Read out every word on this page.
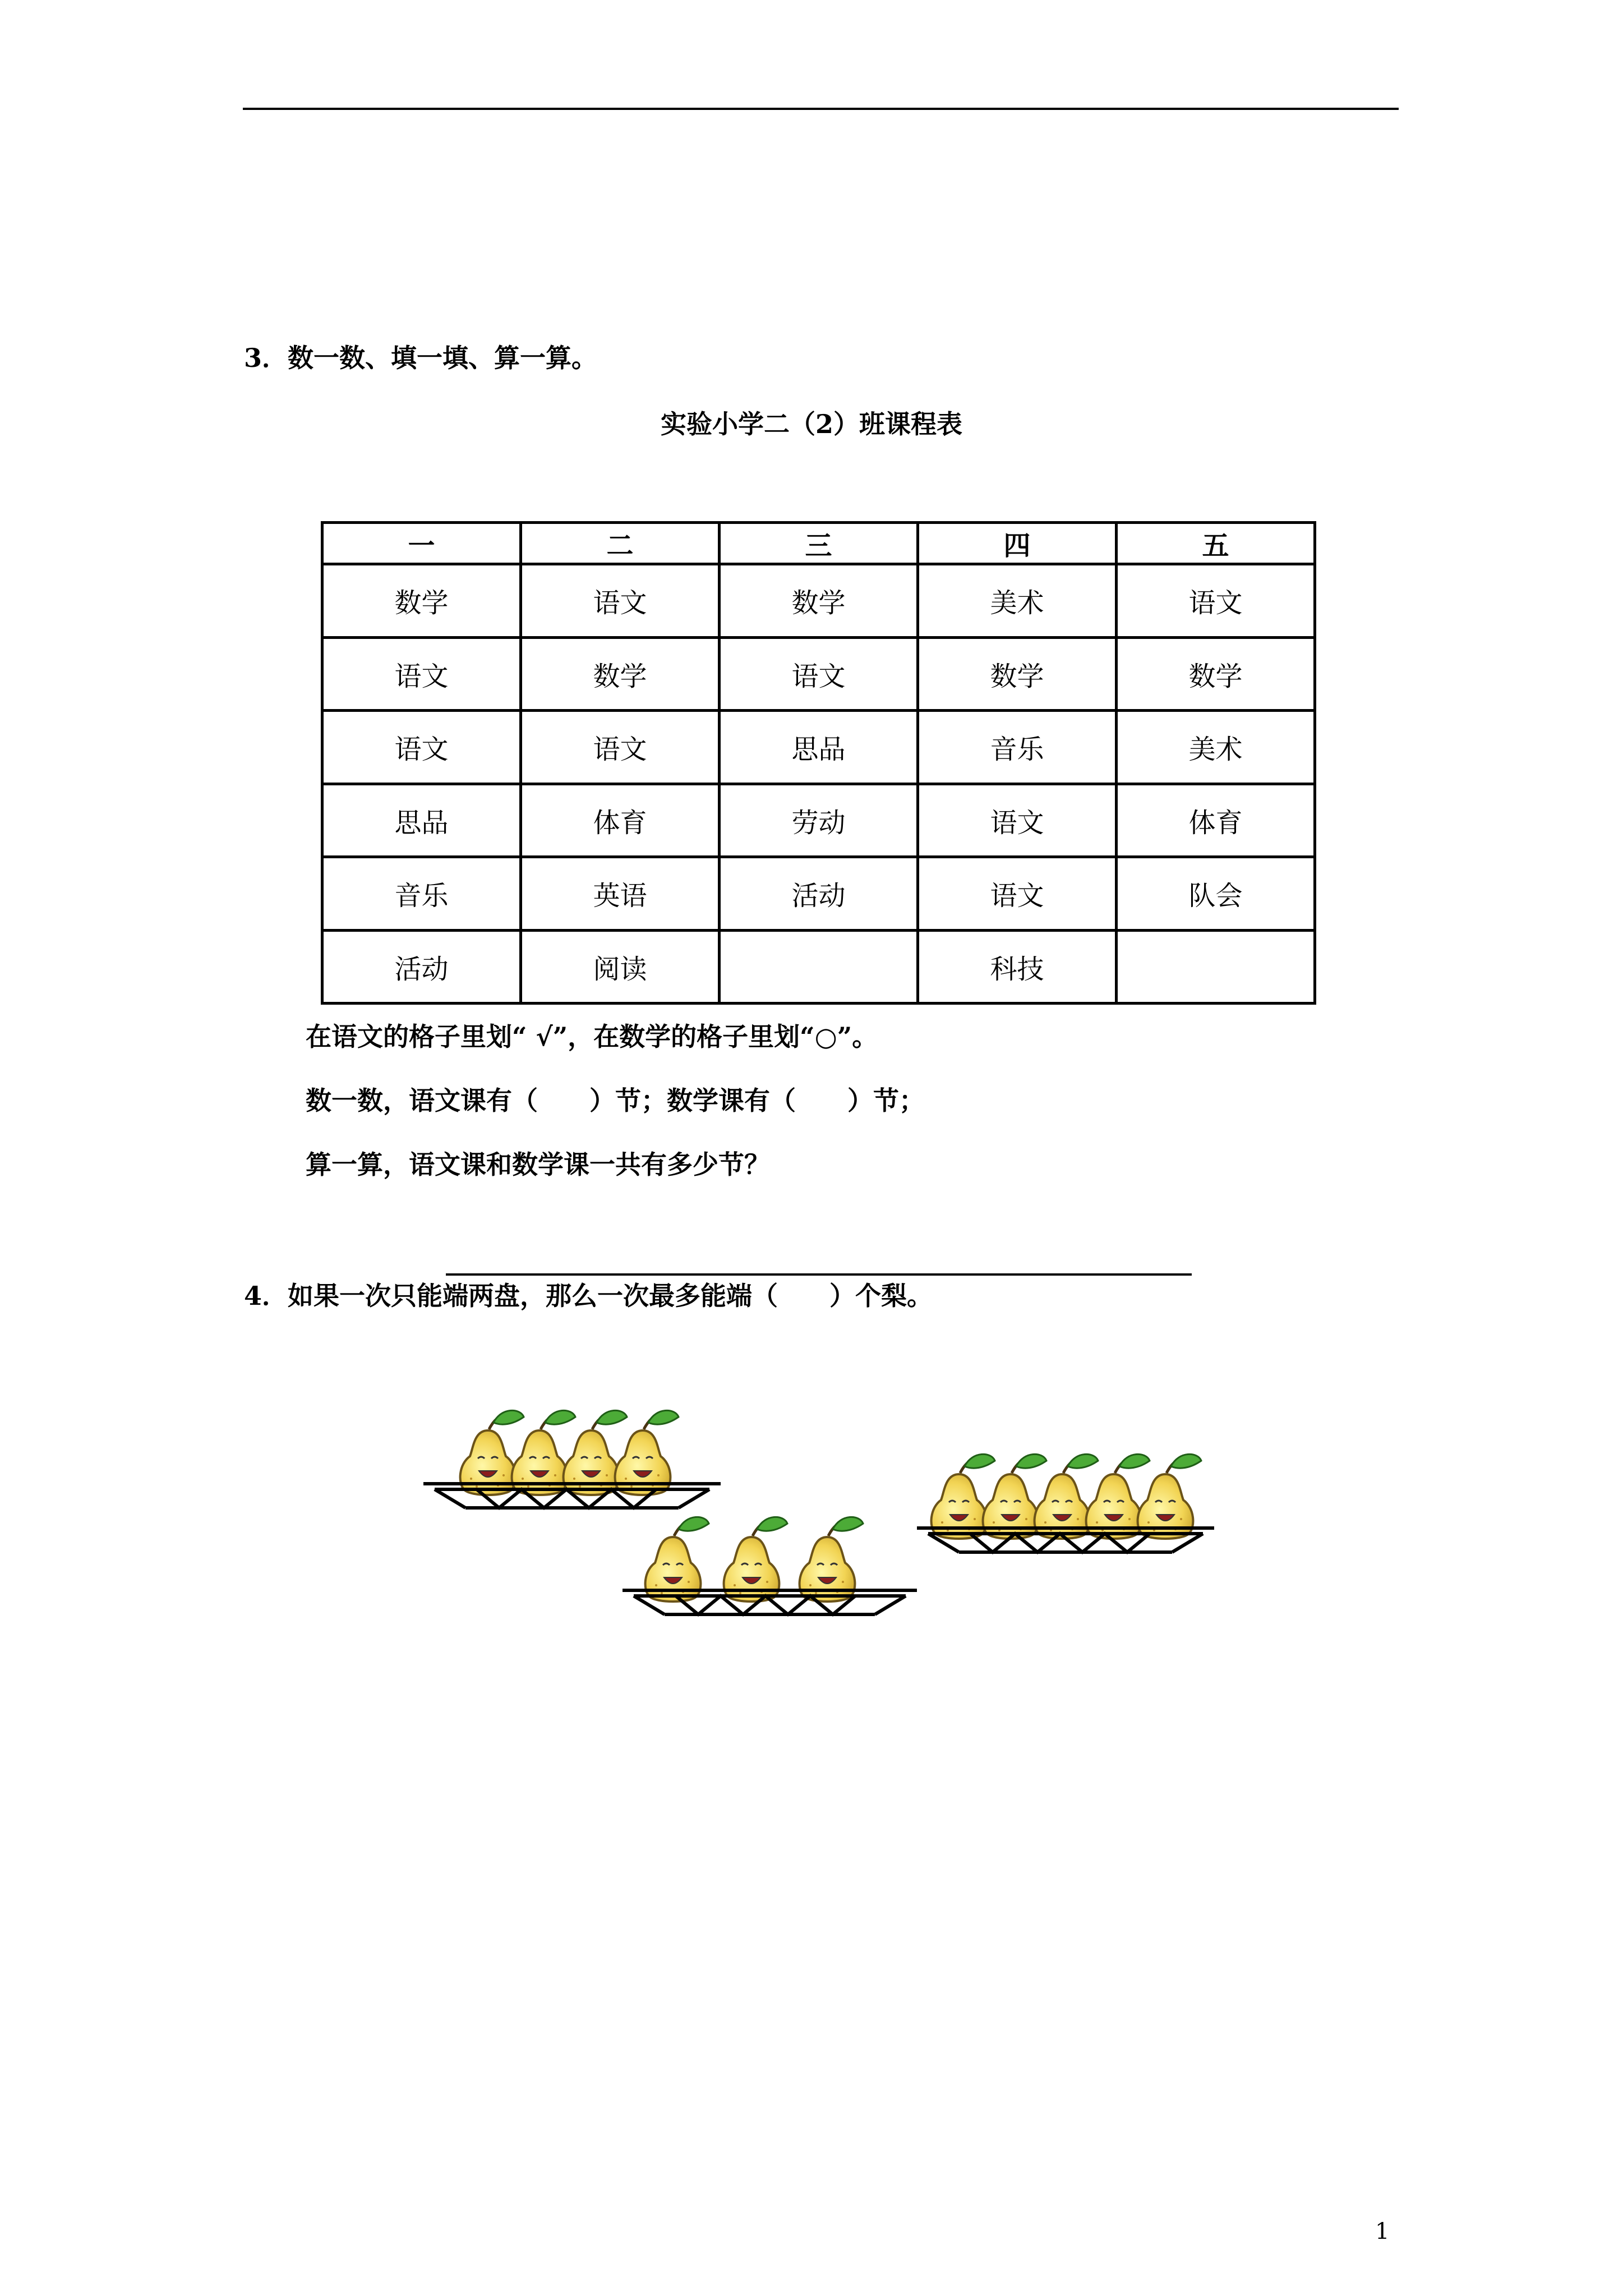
3．数一数、填一填、算一算。
实验小学二（2）班课程表
一	二	三	四	五
数学	语文	数学	美术	语文
语文	数学	语文	数学	数学
语文	语文	思品	音乐	美术
思品	体育	劳动	语文	体育
音乐	英语	活动	语文	队会
活动	阅读		科技	
在语文的格子里划“ √”，在数学的格子里划“○”。
数一数，语文课有（　　）节；数学课有（　　）节；
算一算，语文课和数学课一共有多少节？
4．如果一次只能端两盘，那么一次最多能端（　　）个梨。
1
